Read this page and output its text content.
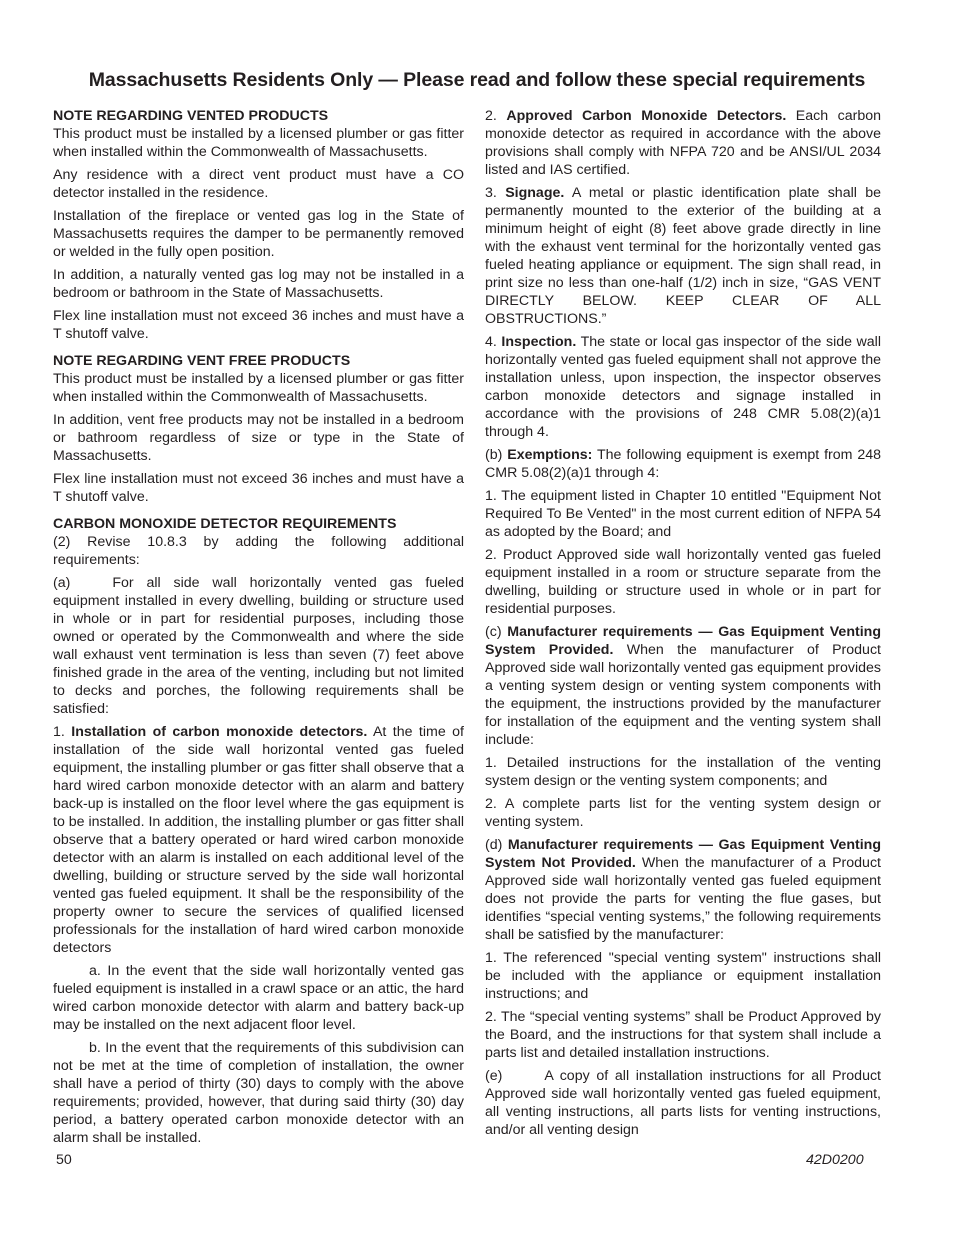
Massachusetts Residents Only — Please read and follow these special requirements

NOTE REGARDING VENTED PRODUCTS

This product must be installed by a licensed plumber or gas fitter when installed within the Commonwealth of Massachusetts.

Any residence with a direct vent product must have a CO detector installed in the residence.

Installation of the fireplace or vented gas log in the State of Massachusetts requires the damper to be permanently removed or welded in the fully open position.

In addition, a naturally vented gas log may not be installed in a bedroom or bathroom in the State of Massachusetts.

Flex line installation must not exceed 36 inches and must have a T shutoff valve.

NOTE REGARDING VENT FREE PRODUCTS

This product must be installed by a licensed plumber or gas fitter when installed within the Commonwealth of Massachusetts.

In addition, vent free products may not be installed in a bedroom or bathroom regardless of size or type in the State of Massachusetts.

Flex line installation must not exceed 36 inches and must have a T shutoff valve.

CARBON MONOXIDE DETECTOR REQUIREMENTS

(2) Revise 10.8.3 by adding the following additional requirements:

(a)	For all side wall horizontally vented gas fueled equipment installed in every dwelling, building or structure used in whole or in part for residential purposes, including those owned or operated by the Commonwealth and where the side wall exhaust vent termination is less than seven (7) feet above finished grade in the area of the venting, including but not limited to decks and porches, the following requirements shall be satisfied:

1. Installation of carbon monoxide detectors. At the time of installation of the side wall horizontal vented gas fueled equipment, the installing plumber or gas fitter shall observe that a hard wired carbon monoxide detector with an alarm and battery back-up is installed on the floor level where the gas equipment is to be installed. In addition, the installing plumber or gas fitter shall observe that a battery operated or hard wired carbon monoxide detector with an alarm is installed on each additional level of the dwelling, building or structure served by the side wall horizontal vented gas fueled equipment. It shall be the responsibility of the property owner to secure the services of qualified licensed professionals for the installation of hard wired carbon monoxide detectors

a. In the event that the side wall horizontally vented gas fueled equipment is installed in a crawl space or an attic, the hard wired carbon monoxide detector with alarm and battery back-up may be installed on the next adjacent floor level.

b. In the event that the requirements of this subdivision can not be met at the time of completion of installation, the owner shall have a period of thirty (30) days to comply with the above requirements; provided, however, that during said thirty (30) day period, a battery operated carbon monoxide detector with an alarm shall be installed.

2. Approved Carbon Monoxide Detectors. Each carbon monoxide detector as required in accordance with the above provisions shall comply with NFPA 720 and be ANSI/UL 2034 listed and IAS certified.

3. Signage. A metal or plastic identification plate shall be permanently mounted to the exterior of the building at a minimum height of eight (8) feet above grade directly in line with the exhaust vent terminal for the horizontally vented gas fueled heating appliance or equipment. The sign shall read, in print size no less than one-half (1/2) inch in size, “GAS VENT DIRECTLY BELOW. KEEP CLEAR OF ALL OBSTRUCTIONS.”

4. Inspection. The state or local gas inspector of the side wall horizontally vented gas fueled equipment shall not approve the installation unless, upon inspection, the inspector observes carbon monoxide detectors and signage installed in accordance with the provisions of 248 CMR 5.08(2)(a)1 through 4.

(b) Exemptions: The following equipment is exempt from 248 CMR 5.08(2)(a)1 through 4:

1. The equipment listed in Chapter 10 entitled "Equipment Not Required To Be Vented" in the most current edition of NFPA 54 as adopted by the Board; and

2. Product Approved side wall horizontally vented gas fueled equipment installed in a room or structure separate from the dwelling, building or structure used in whole or in part for residential purposes.

(c) Manufacturer requirements — Gas Equipment Venting System Provided. When the manufacturer of Product Approved side wall horizontally vented gas equipment provides a venting system design or venting system components with the equipment, the instructions provided by the manufacturer for installation of the equipment and the venting system shall include:

1. Detailed instructions for the installation of the venting system design or the venting system components; and

2. A complete parts list for the venting system design or venting system.

(d) Manufacturer requirements — Gas Equipment Venting System Not Provided. When the manufacturer of a Product Approved side wall horizontally vented gas fueled equipment does not provide the parts for venting the flue gases, but identifies “special venting systems,” the following requirements shall be satisfied by the manufacturer:

1. The referenced "special venting system" instructions shall be included with the appliance or equipment installation instructions; and

2. The “special venting systems” shall be Product Approved by the Board, and the instructions for that system shall include a parts list and detailed installation instructions.

(e)	A copy of all installation instructions for all Product Approved side wall horizontally vented gas fueled equipment, all venting instructions, all parts lists for venting instructions, and/or all venting design

50	42D0200
